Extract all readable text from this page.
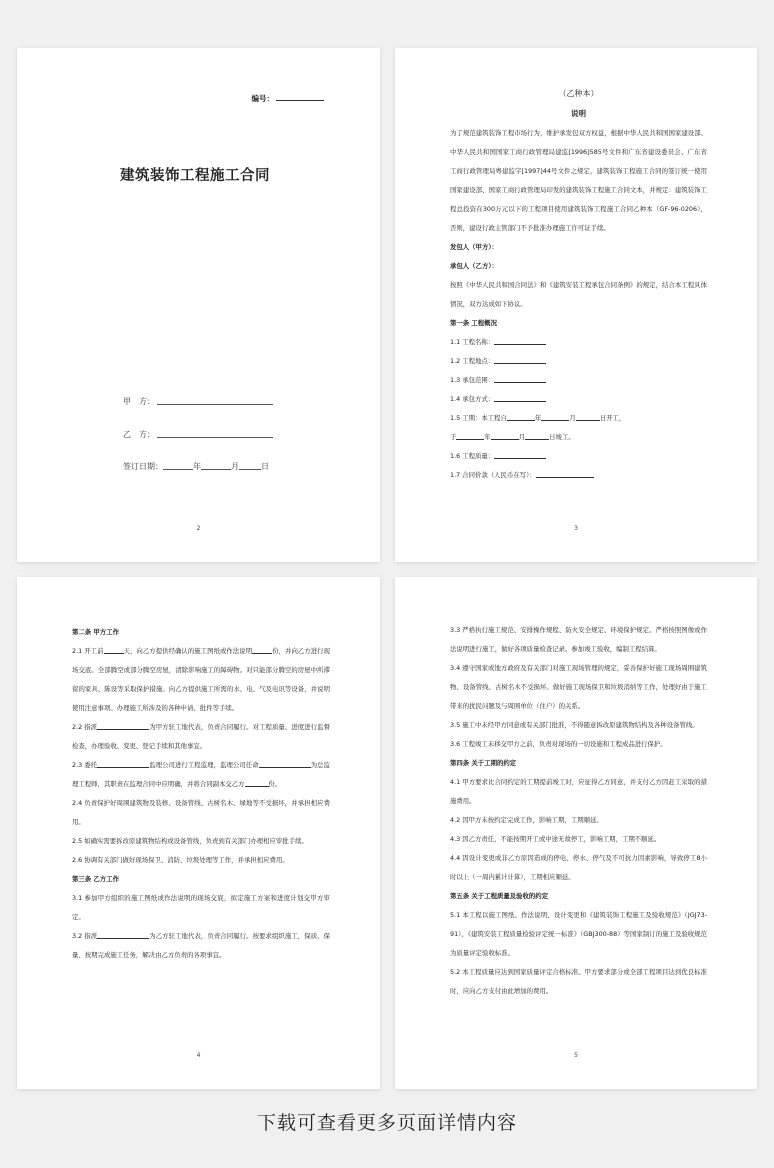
编号：
建筑装饰工程施工合同
甲　方：
乙　方：
签订日期：	年	月	日
2

（乙种本）

说明

为了规范建筑装饰工程市场行为，维护承发包双方权益，根据中华人民共和国国家建设部、中华人民共和国国家工商行政管理局建监[1996]585号文件和广东省建设委员会、广东省工商行政管理局粤建监字[1997]44号文件之规定，建筑装饰工程施工合同的签订统一使用国家建设部、国家工商行政管理局印发的建筑装饰工程施工合同文本，并规定：建筑装饰工程总投资在300万元以下的工程项目使用建筑装饰工程施工合同乙种本（GF-96-0206），否则，建设行政主管部门不予批准办理施工许可证手续。

发包人（甲方）：

承包人（乙方）：

按照《中华人民共和国合同法》和《建筑安装工程承包合同条例》的规定，结合本工程具体情况，双方达成如下协议。

第一条 工程概况

1.1 工程名称：

1.2 工程地点：

1.3 承包范围：

1.4 承包方式：

1.5 工期：本工程自	年	月	日开工，

于	年	月	日竣工。

1.6 工程质量：

1.7 合同价款（人民币在写）：

3

第二条 甲方工作

2.1 开工前	天，向乙方提供经确认的施工图纸或作法说明	份，并向乙方进行现场交底。全部腾空或部分腾空房屋，清除影响施工的障碍物。对只能部分腾空的房屋中所滞留的家具、陈设等采取保护措施。向乙方提供施工所需的水、电、气及电讯等设备，并说明使用注意事项。办理施工所涉及的各种申请、批件等手续。

2.2 指派	为甲方驻工地代表，负责合同履行。对工程质量、进度进行监督检查，办理验收、变更、登记手续和其他事宜。

2.3 委托	监理公司进行工程监理，监理公司任命	为总监理工程师，其职责在监理合同中应明确，并将合同副本交乙方	份。

2.4 负责保护好周围建筑物及装修、设备管线、古树名木、绿地等不受损坏，并承担相应费用。

2.5 如确实需要拆改原建筑物结构或设备管线，负责到有关部门办理相应审批手续。

2.6 协调有关部门做好现场保卫、消防、垃圾处理等工作，并承担相应费用。

第三条 乙方工作

3.1 参加甲方组织的施工图纸或作法说明的现场交底，拟定施工方案和进度计划交甲方审定。

3.2 指派	为乙方驻工地代表，负责合同履行。按要求组织施工，保质、保量、按期完成施工任务，解决由乙方负责的各项事宜。

4

3.3 严格执行施工规范、安排操作规程、防火安全规定、环境保护规定。严格按照图像或作法说明进行施工，做好各项质量检查记录。参加竣工验收，编制工程结算。

3.4 遵守国家或地方政府及有关部门对施工现场管理的规定，妥善保护好施工现场周围建筑物、设备管线、古树名木不受损坏。做好施工现场保卫和垃圾消纳等工作，处理好由于施工带来的扰民问题及与周围单位（住户）的关系。

3.5 施工中未经甲方同意或有关部门批准，不得随意拆改原建筑物结构及各种设备管线。

3.6 工程竣工未移交甲方之前，负责对现场的一切设施和工程成品进行保护。

第四条 关于工期的约定

4.1 甲方要求比合同约定的工期提前竣工时，应征得乙方同意，并支付乙方因赶工采取的措施费用。

4.2 因甲方未按约定完成工作，影响工期，工期顺延。

4.3 因乙方责任，不能按期开工或中途无故停工，影响工期，工期不顺延。

4.4 因设计变更或非乙方原因造成的停电、停水、停气及不可抗力因素影响，导致停工8小时以上（一周内累计计算），工期相应顺延。

第五条 关于工程质量及验收的约定

5.1 本工程以施工图纸、作法说明、设计变更和《建筑装饰工程施工及验收规范》（JGJ73-91）、《建筑安装工程质量检验评定统一标准》（GBJ300-88）等国家制订的施工及验收规范为质量评定验收标准。

5.2 本工程质量应达到国家质量评定合格标准。甲方要求部分或全部工程项目达到优良标准时，应向乙方支付由此增加的费用。

5
下载可查看更多页面详情内容
